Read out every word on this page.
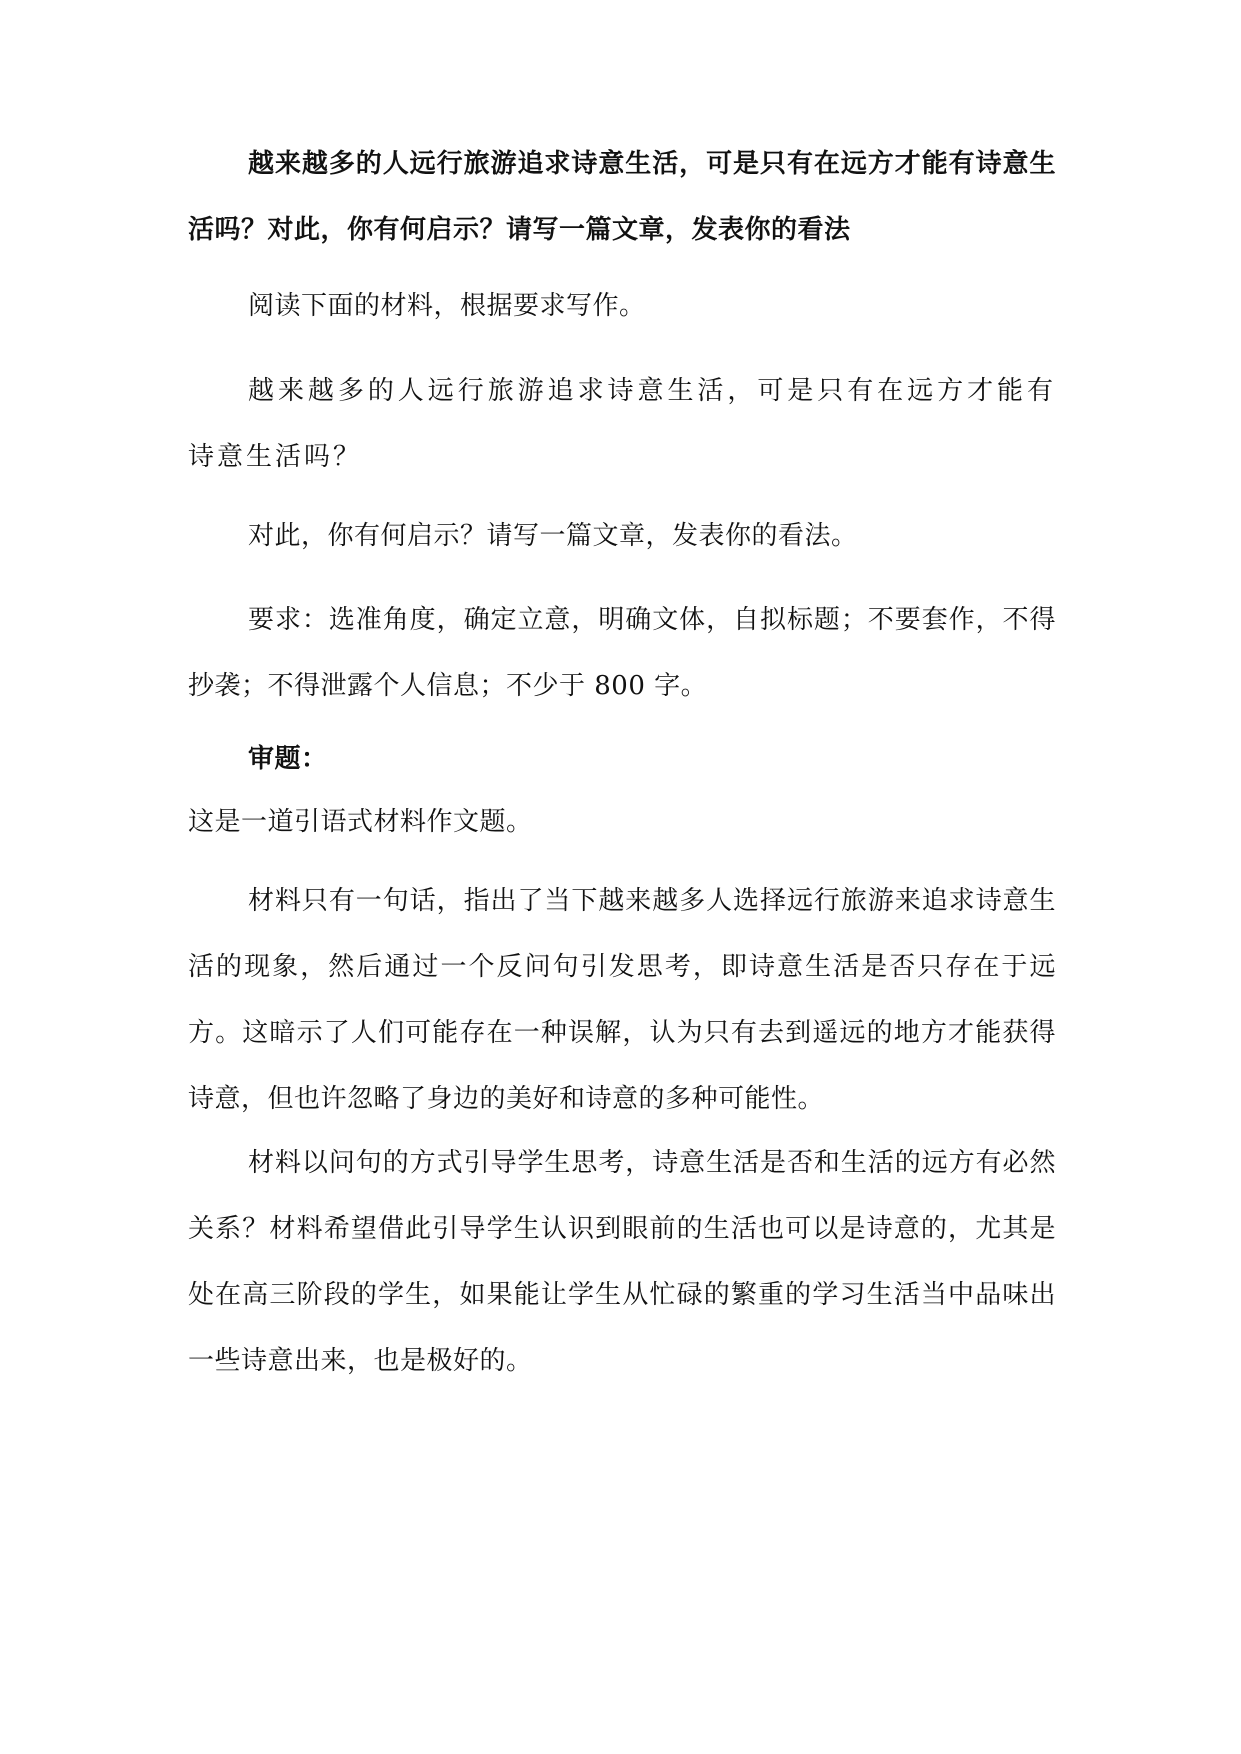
越来越多的人远行旅游追求诗意生活，可是只有在远方才能有诗意生活吗？对此，你有何启示？请写一篇文章，发表你的看法

阅读下面的材料，根据要求写作。

越来越多的人远行旅游追求诗意生活，可是只有在远方才能有诗意生活吗？

对此，你有何启示？请写一篇文章，发表你的看法。

要求：选准角度，确定立意，明确文体，自拟标题；不要套作，不得抄袭；不得泄露个人信息；不少于 800 字。

审题：

这是一道引语式材料作文题。

材料只有一句话，指出了当下越来越多人选择远行旅游来追求诗意生活的现象，然后通过一个反问句引发思考，即诗意生活是否只存在于远方。这暗示了人们可能存在一种误解，认为只有去到遥远的地方才能获得诗意，但也许忽略了身边的美好和诗意的多种可能性。

材料以问句的方式引导学生思考，诗意生活是否和生活的远方有必然关系？材料希望借此引导学生认识到眼前的生活也可以是诗意的，尤其是处在高三阶段的学生，如果能让学生从忙碌的繁重的学习生活当中品味出一些诗意出来，也是极好的。
